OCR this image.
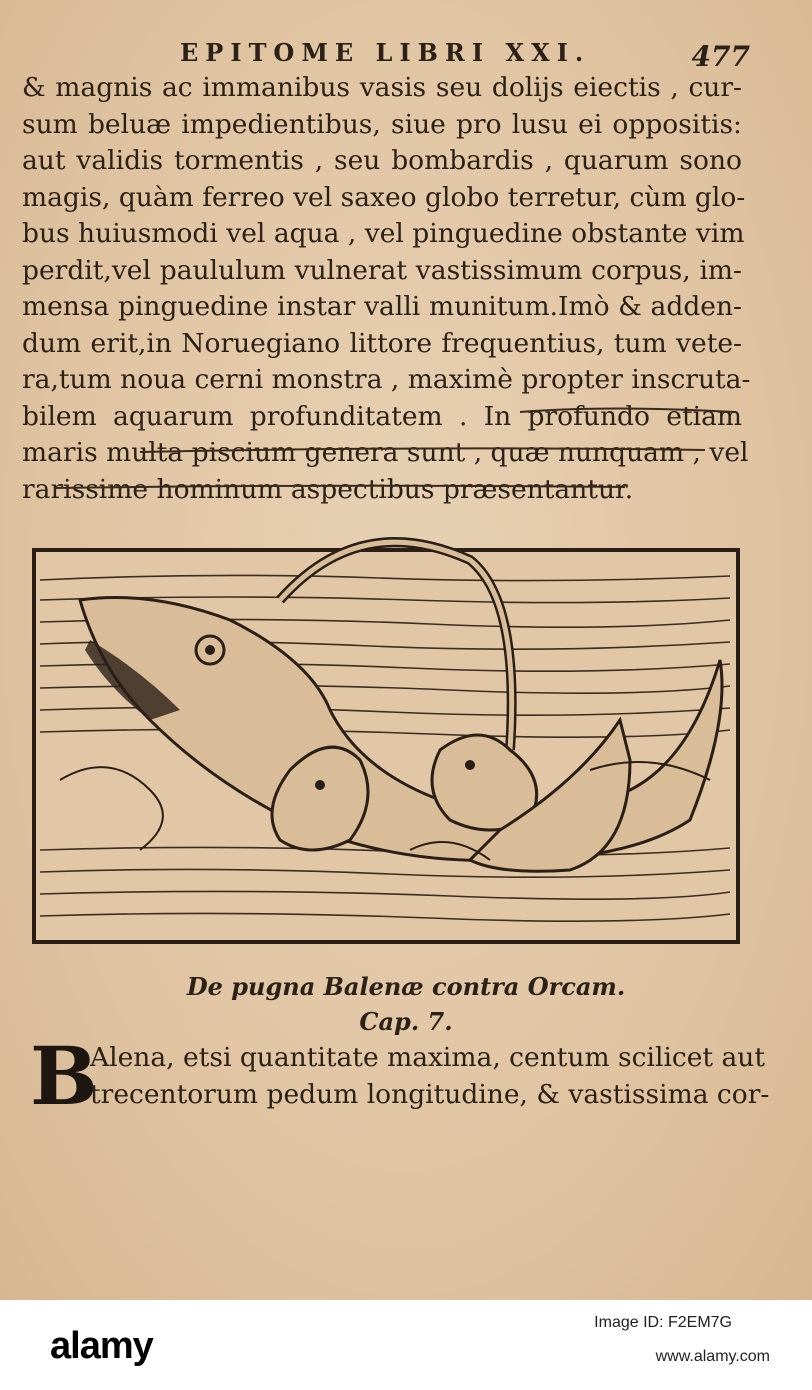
EPITOME LIBRI XXI.	477
& magnis ac immanibus vasis seu dolijs eiectis , cur-
sum beluæ impedientibus, siue pro lusu ei oppositis:
aut validis tormentis , seu bombardis , quarum sono
magis, quàm ferreo vel saxeo globo terretur, cùm glo-
bus huiusmodi vel aqua , vel pinguedine obstante vim
perdit,vel paululum vulnerat vastissimum corpus, im-
mensa pinguedine instar valli munitum.Imò & adden-
dum erit,in Noruegiano littore frequentius, tum vete-
ra,tum noua cerni monstra , maximè propter inscruta-
bilem aquarum profunditatem . In profundo etiam
maris multa piscium genera sunt , quæ nunquam , vel
rarissime hominum aspectibus præsentantur.
De pugna Balenæ contra Orcam.
Cap. 7.
B
Alena, etsi quantitate maxima, centum scilicet aut
trecentorum pedum longitudine, & vastissima cor-
alamy
Image ID: F2EM7G
www.alamy.com
